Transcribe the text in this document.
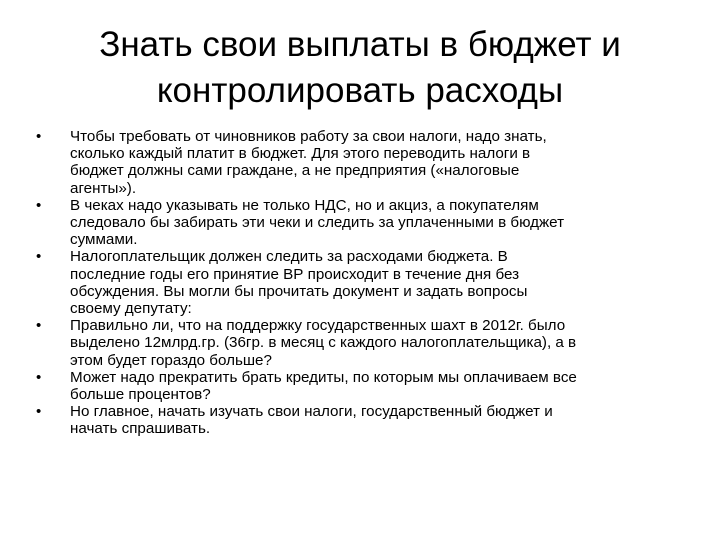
Знать свои выплаты в бюджет и
контролировать расходы
• Чтобы требовать от чиновников работу за свои налоги, надо знать,
сколько каждый платит в бюджет. Для этого переводить налоги в
бюджет должны сами граждане, а не предприятия («налоговые
агенты»).
• В чеках надо указывать не только НДС, но и акциз, а покупателям
следовало бы забирать эти чеки и следить за уплаченными в бюджет
суммами.
• Налогоплательщик должен следить за расходами бюджета. В
последние годы его принятие ВР происходит в течение дня без
обсуждения. Вы могли бы прочитать документ и задать вопросы
своему депутату:
• Правильно ли, что на поддержку государственных шахт в 2012г. было
выделено 12млрд.гр. (36гр. в месяц с каждого налогоплательщика), а в
этом будет гораздо больше?
• Может надо прекратить брать кредиты, по которым мы оплачиваем все
больше процентов?
• Но главное, начать изучать свои налоги, государственный бюджет и
начать спрашивать.
